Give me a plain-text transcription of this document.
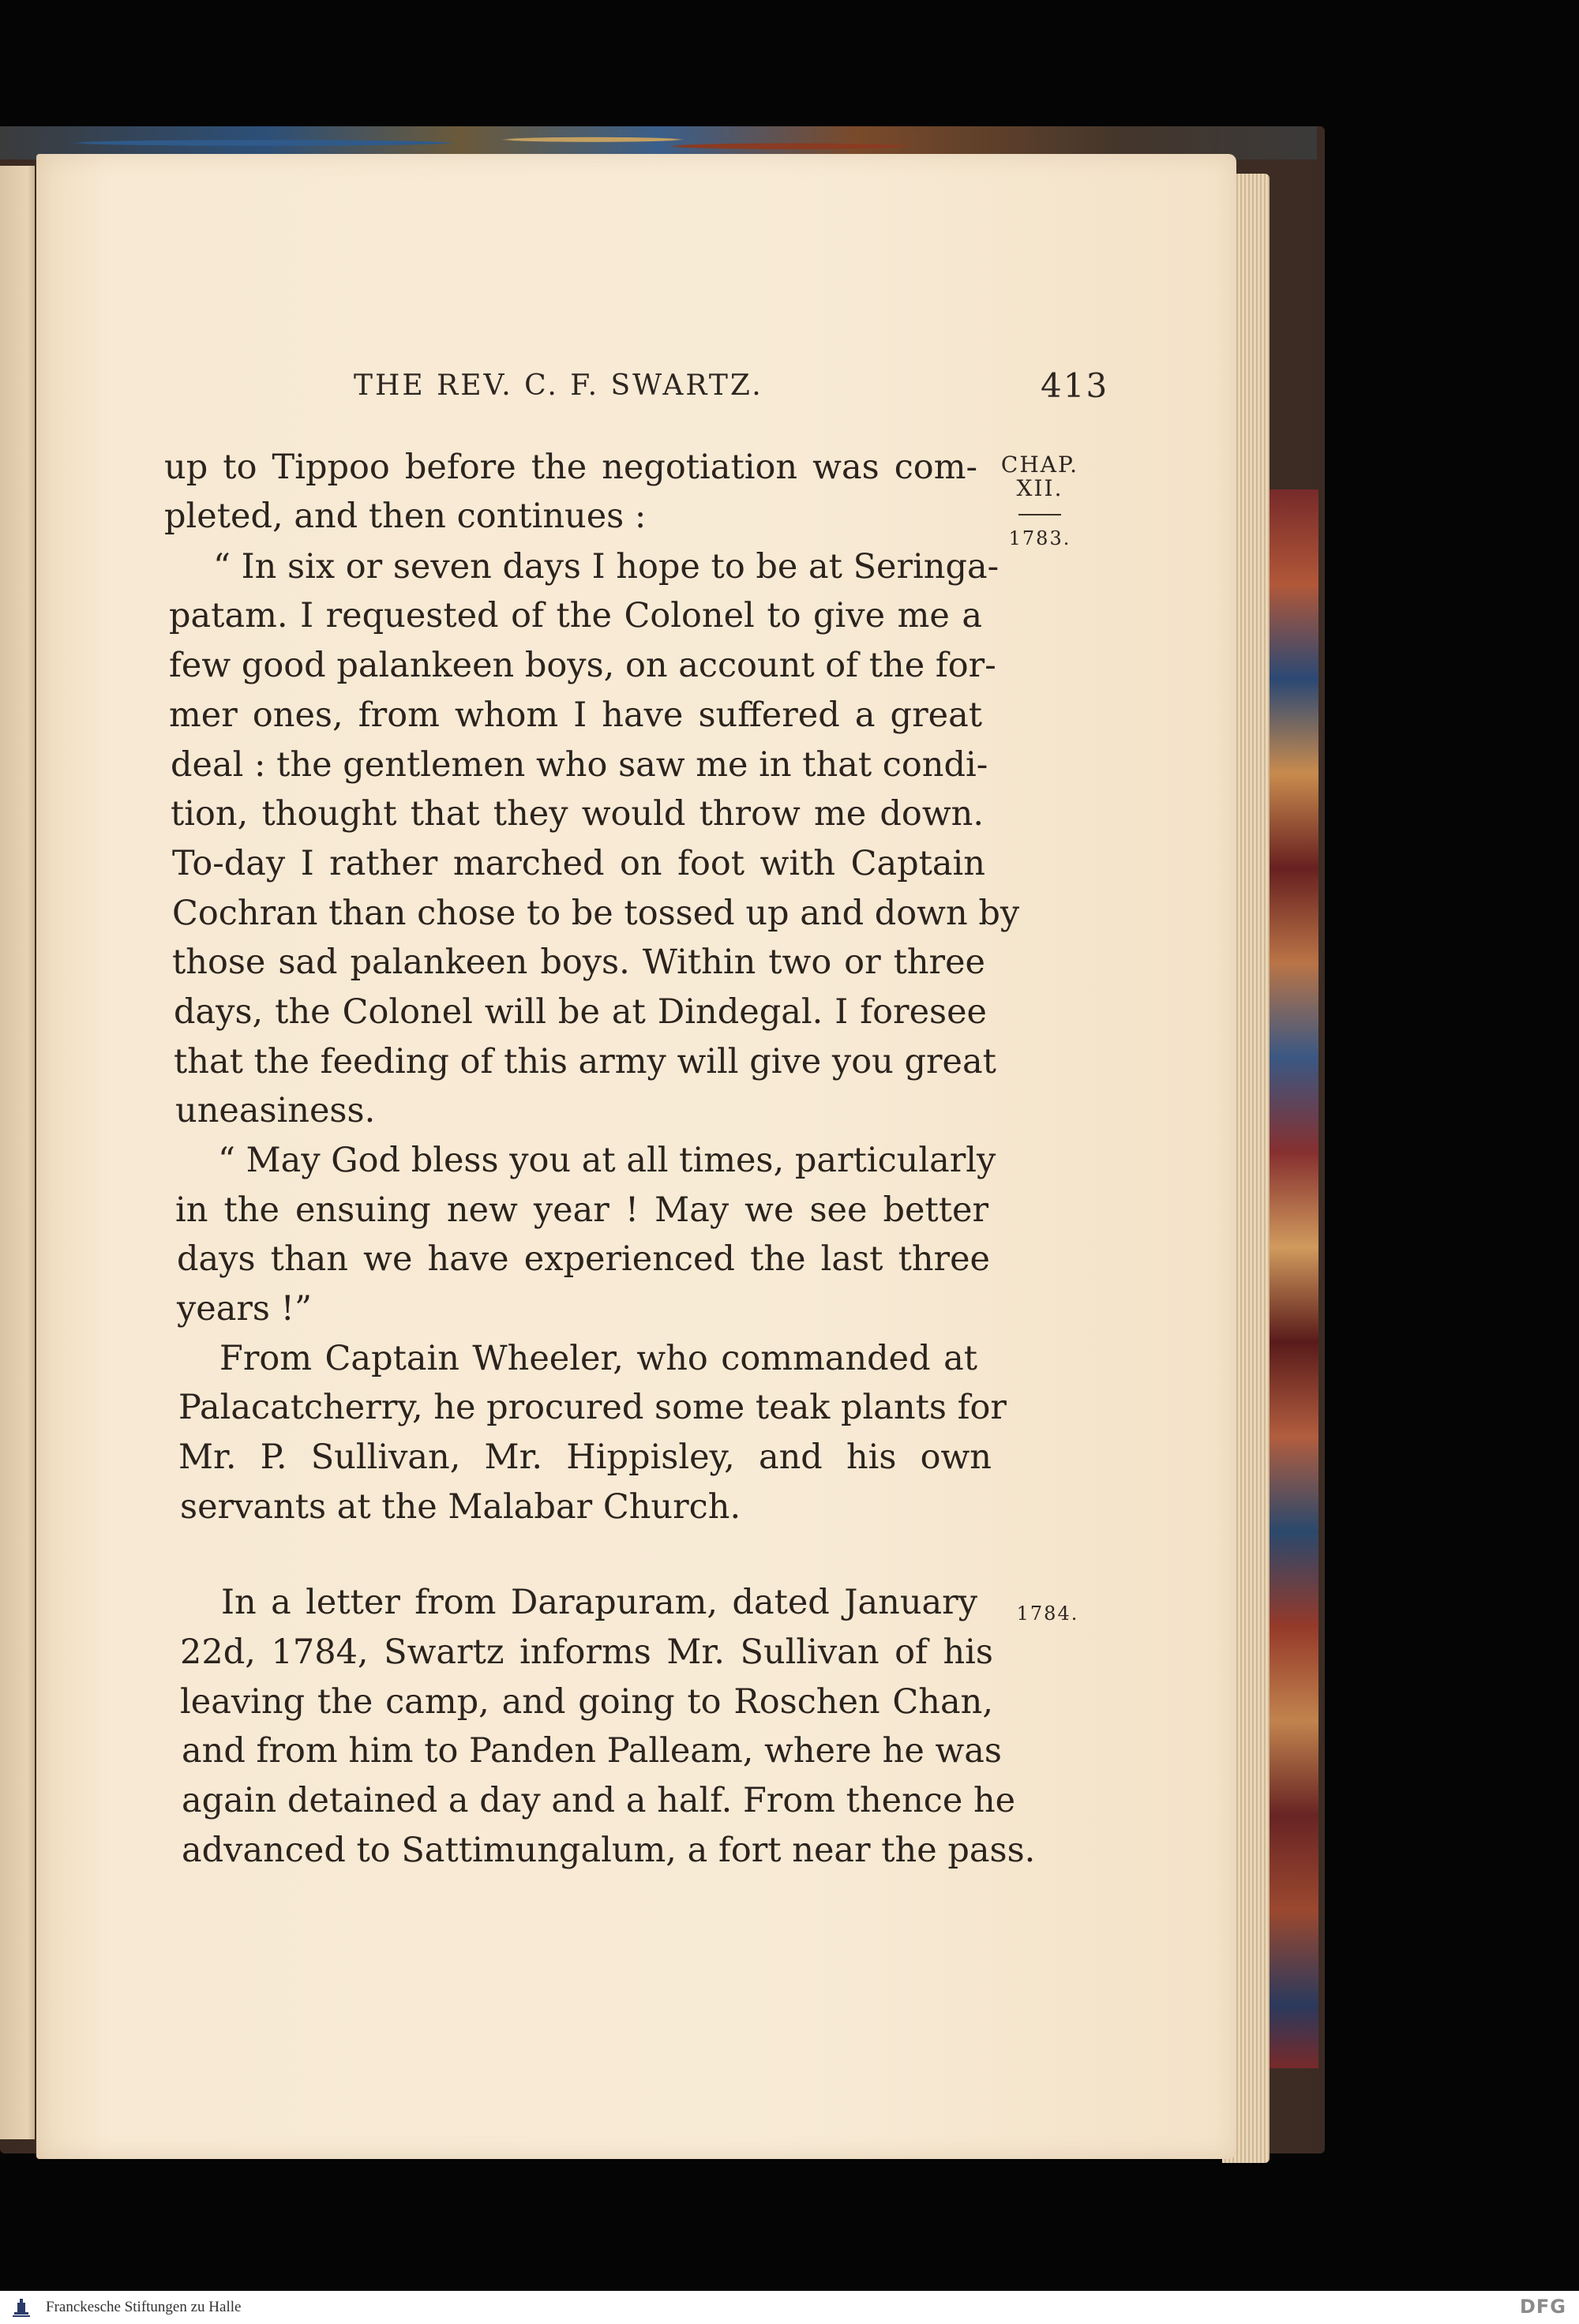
THE REV. C. F. SWARTZ.	413
CHAP.
XII.
1783.
1784.
up to Tippoo before the negotiation was com-
pleted, and then continues :
“ In six or seven days I hope to be at Seringa-
patam. I requested of the Colonel to give me a
few good palankeen boys, on account of the for-
mer ones, from whom I have suffered a great
deal : the gentlemen who saw me in that condi-
tion, thought that they would throw me down.
To-day I rather marched on foot with Captain
Cochran than chose to be tossed up and down by
those sad palankeen boys. Within two or three
days, the Colonel will be at Dindegal. I foresee
that the feeding of this army will give you great
uneasiness.
“ May God bless you at all times, particularly
in the ensuing new year ! May we see better
days than we have experienced the last three
years !”
From Captain Wheeler, who commanded at
Palacatcherry, he procured some teak plants for
Mr. P. Sullivan, Mr. Hippisley, and his own
servants at the Malabar Church.
In a letter from Darapuram, dated January
22d, 1784, Swartz informs Mr. Sullivan of his
leaving the camp, and going to Roschen Chan,
and from him to Panden Palleam, where he was
again detained a day and a half. From thence he
advanced to Sattimungalum, a fort near the pass.
Franckesche Stiftungen zu Halle	DFG
